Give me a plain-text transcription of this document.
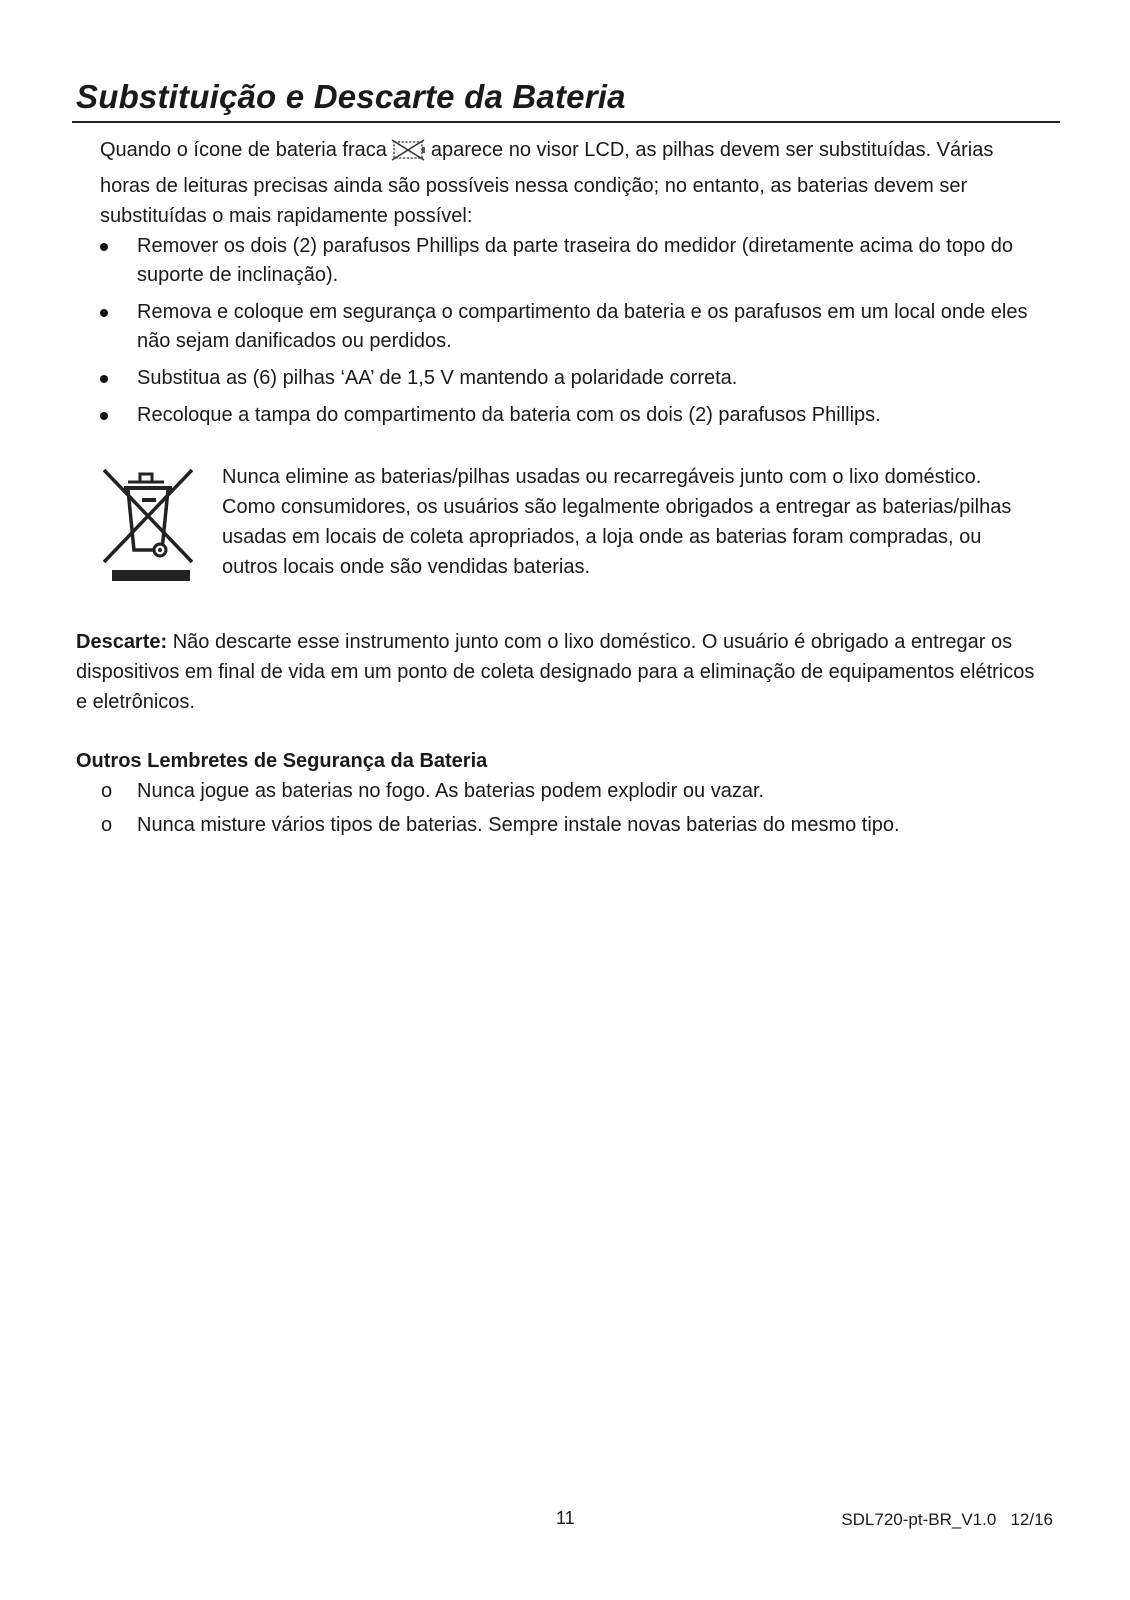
Substituição e Descarte da Bateria

Quando o ícone de bateria fraca aparece no visor LCD, as pilhas devem ser substituídas. Várias horas de leituras precisas ainda são possíveis nessa condição; no entanto, as baterias devem ser substituídas o mais rapidamente possível:

Remover os dois (2) parafusos Phillips da parte traseira do medidor (diretamente acima do topo do suporte de inclinação).
Remova e coloque em segurança o compartimento da bateria e os parafusos em um local onde eles não sejam danificados ou perdidos.
Substitua as (6) pilhas ‘AA’ de 1,5 V mantendo a polaridade correta.
Recoloque a tampa do compartimento da bateria com os dois (2) parafusos Phillips.

Nunca elimine as baterias/pilhas usadas ou recarregáveis junto com o lixo doméstico.

Como consumidores, os usuários são legalmente obrigados a entregar as baterias/pilhas usadas em locais de coleta apropriados, a loja onde as baterias foram compradas, ou outros locais onde são vendidas baterias.

Descarte: Não descarte esse instrumento junto com o lixo doméstico. O usuário é obrigado a entregar os dispositivos em final de vida em um ponto de coleta designado para a eliminação de equipamentos elétricos e eletrônicos.

Outros Lembretes de Segurança da Bateria
o Nunca jogue as baterias no fogo. As baterias podem explodir ou vazar.
o Nunca misture vários tipos de baterias. Sempre instale novas baterias do mesmo tipo.
11	SDL720-pt-BR_V1.0   12/16
